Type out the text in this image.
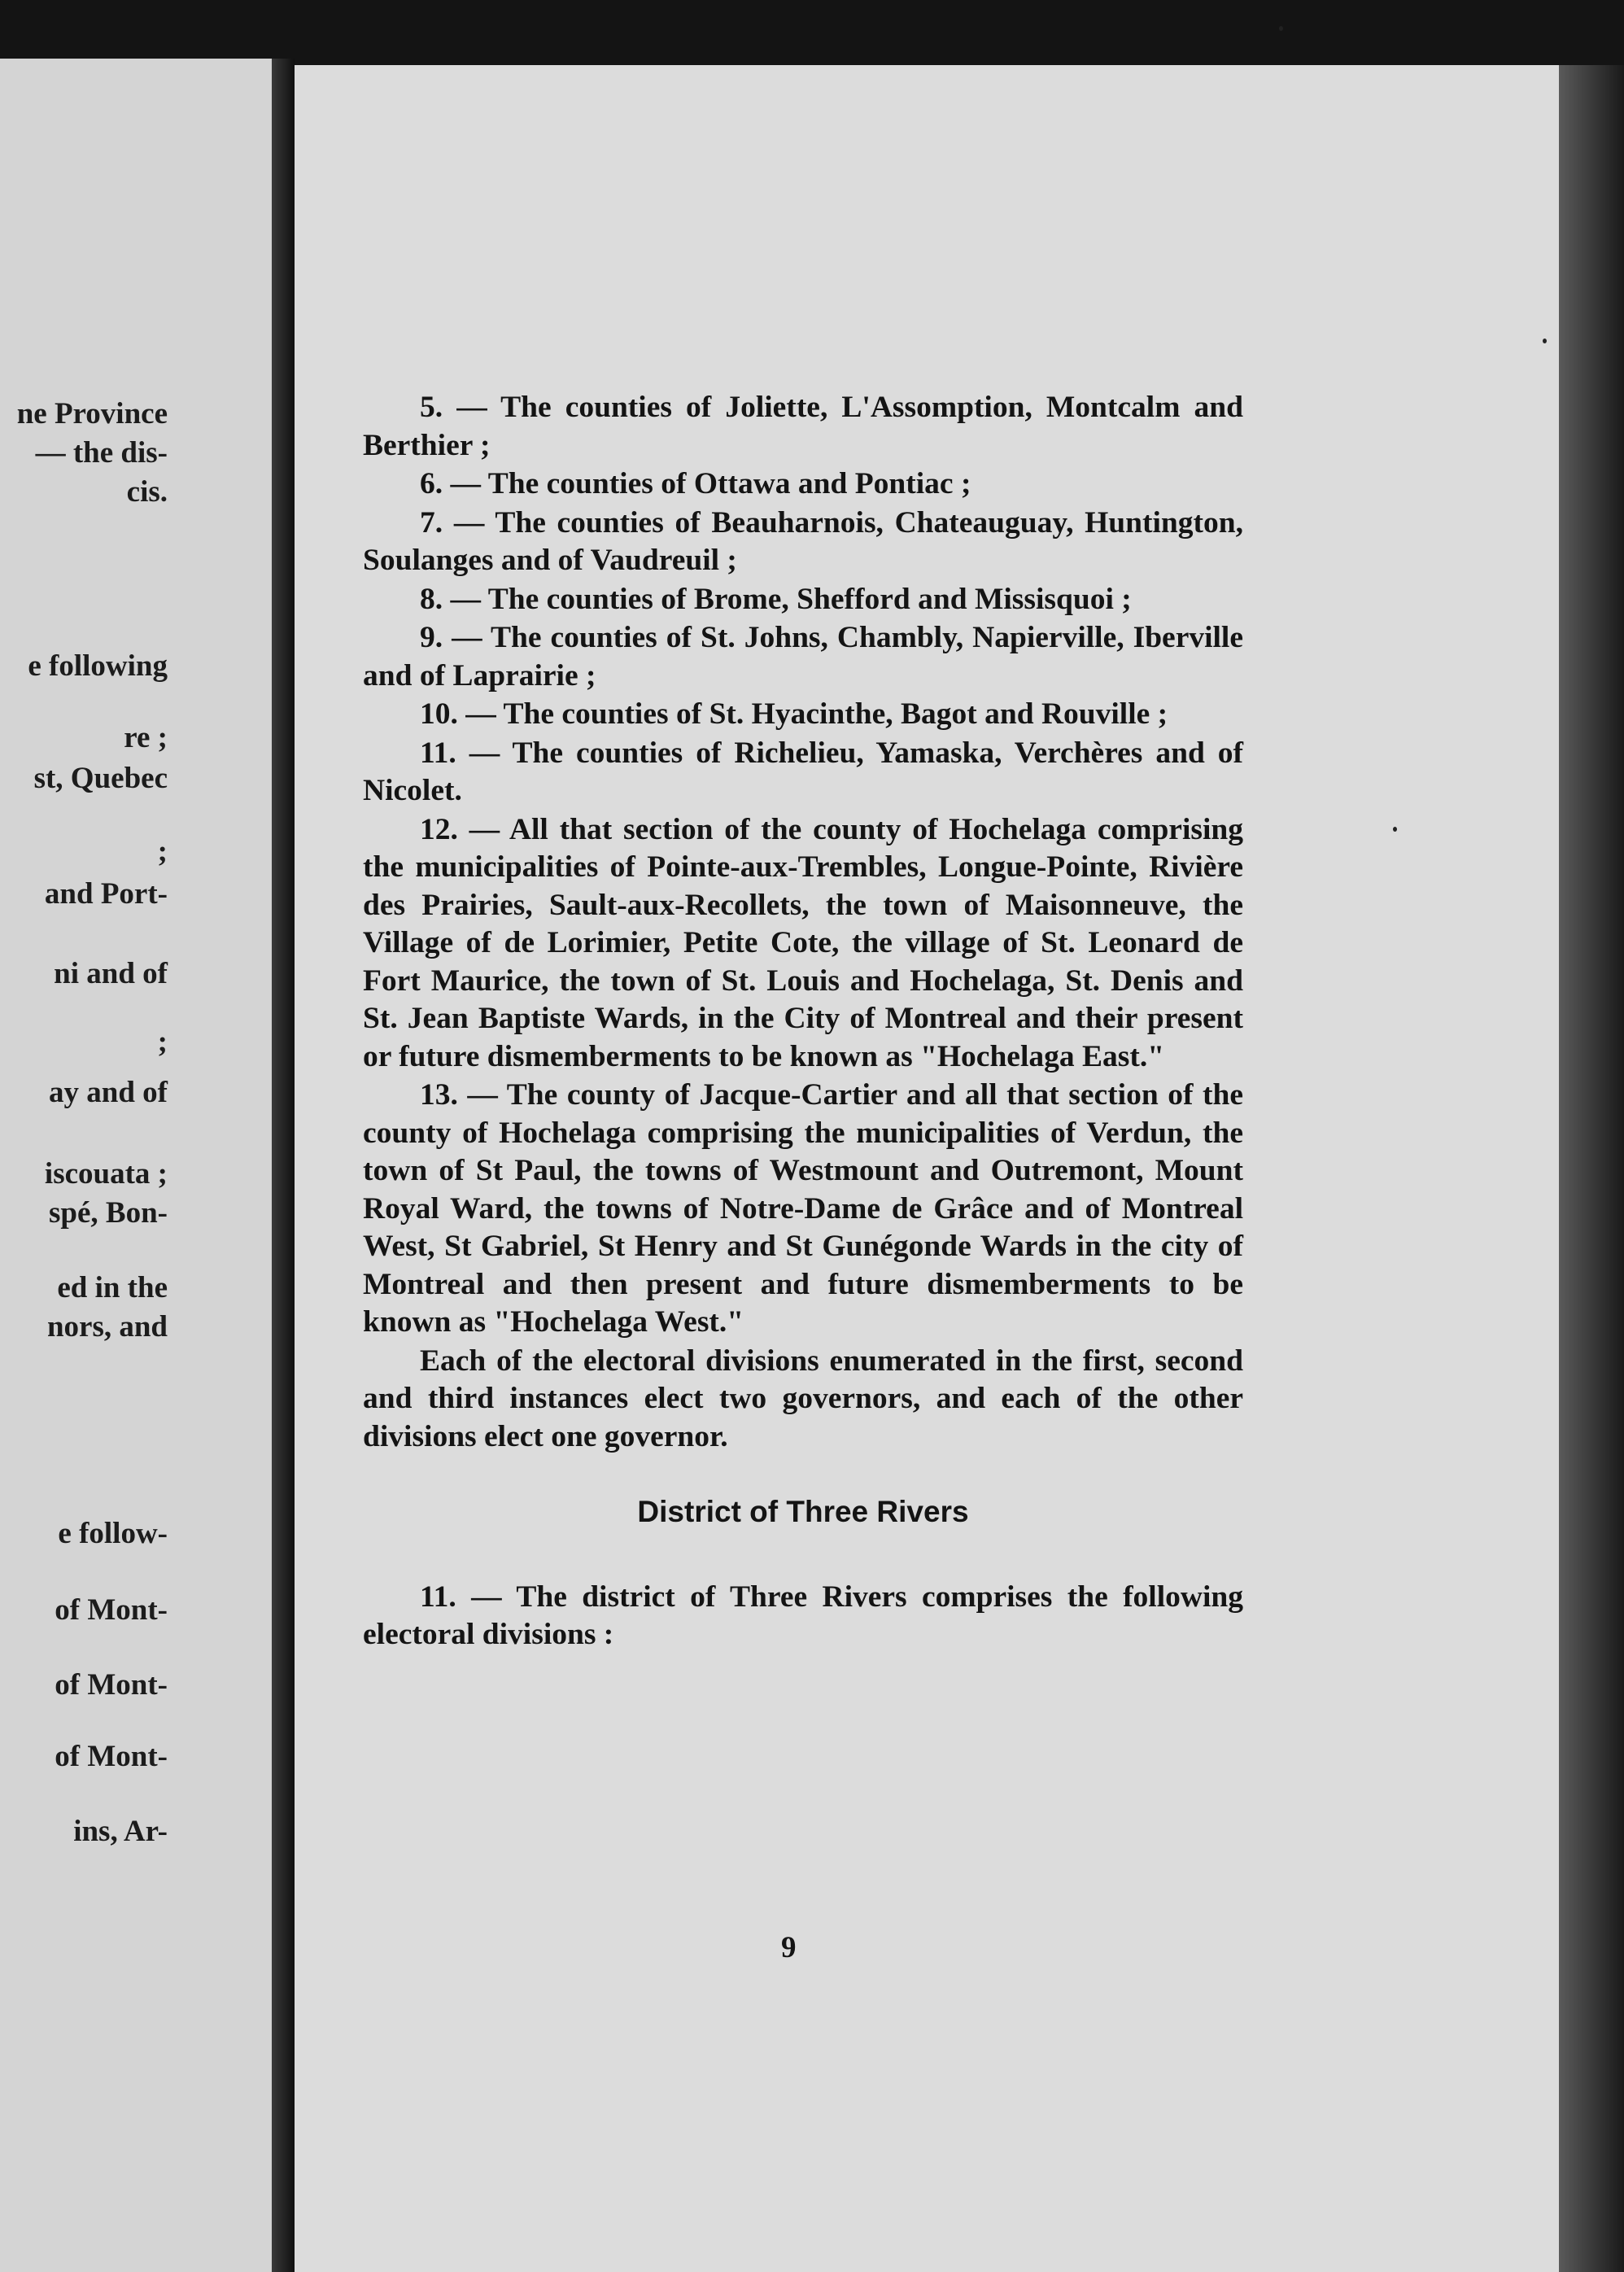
ne Province
— the dis-
cis.
e following
re ;
st, Quebec
;
and Port-
ni and of
;
ay and of
iscouata ;
spé, Bon-
ed in the
nors, and
e follow-
of Mont-
of Mont-
of Mont-
ins, Ar-

5. — The counties of Joliette, L'Assomption, Montcalm and Berthier ;

6. — The counties of Ottawa and Pontiac ;

7. — The counties of Beauharnois, Chateauguay, Huntington, Soulanges and of Vaudreuil ;

8. — The counties of Brome, Shefford and Missisquoi ;

9. — The counties of St. Johns, Chambly, Napierville, Iberville and of Laprairie ;

10. — The counties of St. Hyacinthe, Bagot and Rouville ;

11. — The counties of Richelieu, Yamaska, Verchères and of Nicolet.

12. — All that section of the county of Hochelaga comprising the municipalities of Pointe-aux-Trembles, Longue-Pointe, Rivière des Prairies, Sault-aux-Recollets, the town of Maisonneuve, the Village of de Lorimier, Petite Cote, the village of St. Leonard de Fort Maurice, the town of St. Louis and Hochelaga, St. Denis and St. Jean Baptiste Wards, in the City of Montreal and their present or future dismemberments to be known as "Hochelaga East."

13. — The county of Jacque-Cartier and all that section of the county of Hochelaga comprising the municipalities of Verdun, the town of St Paul, the towns of Westmount and Outremont, Mount Royal Ward, the towns of Notre-Dame de Grâce and of Montreal West, St Gabriel, St Henry and St Gunégonde Wards in the city of Montreal and then present and future dismemberments to be known as "Hochelaga West."

Each of the electoral divisions enumerated in the first, second and third instances elect two governors, and each of the other divisions elect one governor.

District of Three Rivers

11. — The district of Three Rivers comprises the following electoral divisions :

9
